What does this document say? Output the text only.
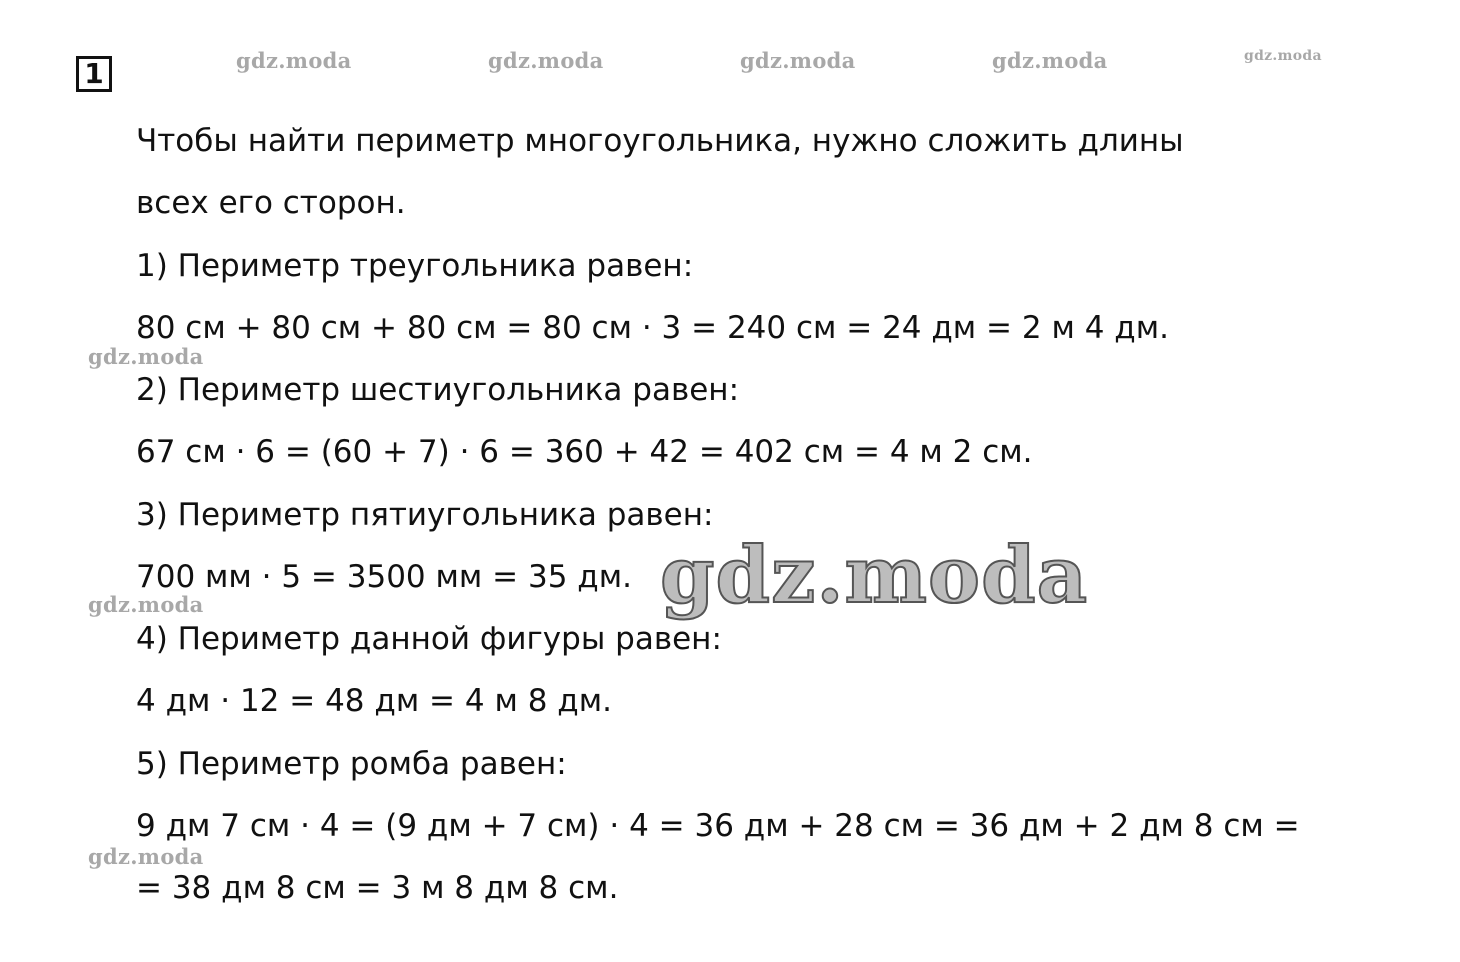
1	gdz.moda	gdz.moda	gdz.moda	gdz.moda	gdz.moda
gdz.moda
gdz.moda
gdz.moda
Чтобы найти периметр многоугольника, нужно сложить длины
всех его сторон.
1) Периметр треугольника равен:
80 см + 80 см + 80 см = 80 см · 3 = 240 см = 24 дм = 2 м 4 дм.
2) Периметр шестиугольника равен:
67 см · 6 = (60 + 7) · 6 = 360 + 42 = 402 см = 4 м 2 см.
3) Периметр пятиугольника равен:
700 мм · 5 = 3500 мм = 35 дм.
4) Периметр данной фигуры равен:
4 дм · 12 = 48 дм = 4 м 8 дм.
5) Периметр ромба равен:
9 дм 7 см · 4 = (9 дм + 7 см) · 4 = 36 дм + 28 см = 36 дм + 2 дм 8 см =
= 38 дм 8 см = 3 м 8 дм 8 см.
gdz.moda
